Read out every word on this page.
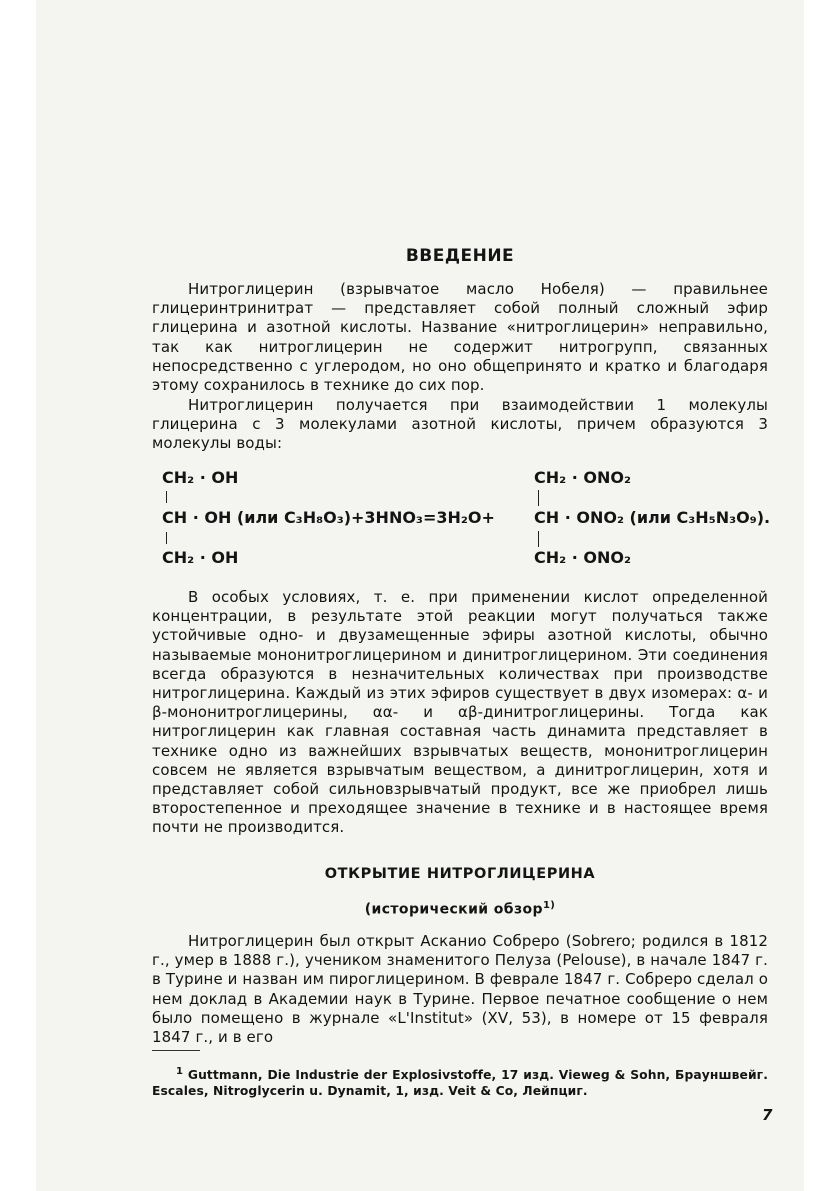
ВВЕДЕНИЕ

Нитроглицерин (взрывчатое масло Нобеля) — правильнее глицеринтринитрат — представляет собой полный сложный эфир глицерина и азотной кислоты. Название «нитроглицерин» неправильно, так как нитроглицерин не содержит нитрогрупп, связанных непосредственно с углеродом, но оно общепринято и кратко и благодаря этому сохранилось в технике до сих пор.

Нитроглицерин получается при взаимодействии 1 молекулы глицерина с 3 молекулами азотной кислоты, причем образуются 3 молекулы воды:

CH₂ · OH
CH · OH (или C₃H₈O₃)+3HNO₃=3H₂O+
CH₂ · OH
CH₂ · ONO₂
CH · ONO₂ (или C₃H₅N₃O₉).
CH₂ · ONO₂

В особых условиях, т. е. при применении кислот определенной концентрации, в результате этой реакции могут получаться также устойчивые одно- и двузамещенные эфиры азотной кислоты, обычно называемые мононитроглицерином и динитроглицерином. Эти соединения всегда образуются в незначительных количествах при производстве нитроглицерина. Каждый из этих эфиров существует в двух изомерах: α- и β-мононитроглицерины, αα- и αβ-динитроглицерины. Тогда как нитроглицерин как главная составная часть динамита представляет в технике одно из важнейших взрывчатых веществ, мононитроглицерин совсем не является взрывчатым веществом, а динитроглицерин, хотя и представляет собой сильновзрывчатый продукт, все же приобрел лишь второстепенное и преходящее значение в технике и в настоящее время почти не производится.

ОТКРЫТИЕ НИТРОГЛИЦЕРИНА
(исторический обзор$^{1)}$

Нитроглицерин был открыт Асканио Собреро (Sobrero; родился в 1812 г., умер в 1888 г.), учеником знаменитого Пелуза (Pelouse), в начале 1847 г. в Турине и назван им пироглицерином. В феврале 1847 г. Собреро сделал о нем доклад в Академии наук в Турине. Первое печатное сообщение о нем было помещено в журнале «L'Institut» (XV, 53), в номере от 15 февраля 1847 г., и в его

$^1$ Guttmann, Die Industrie der Explosivstoffe, 17 изд. Vieweg & Sohn, Брауншвейг. Escales, Nitroglycerin u. Dynamit, 1, изд. Veit & Co, Лейпциг.

7
